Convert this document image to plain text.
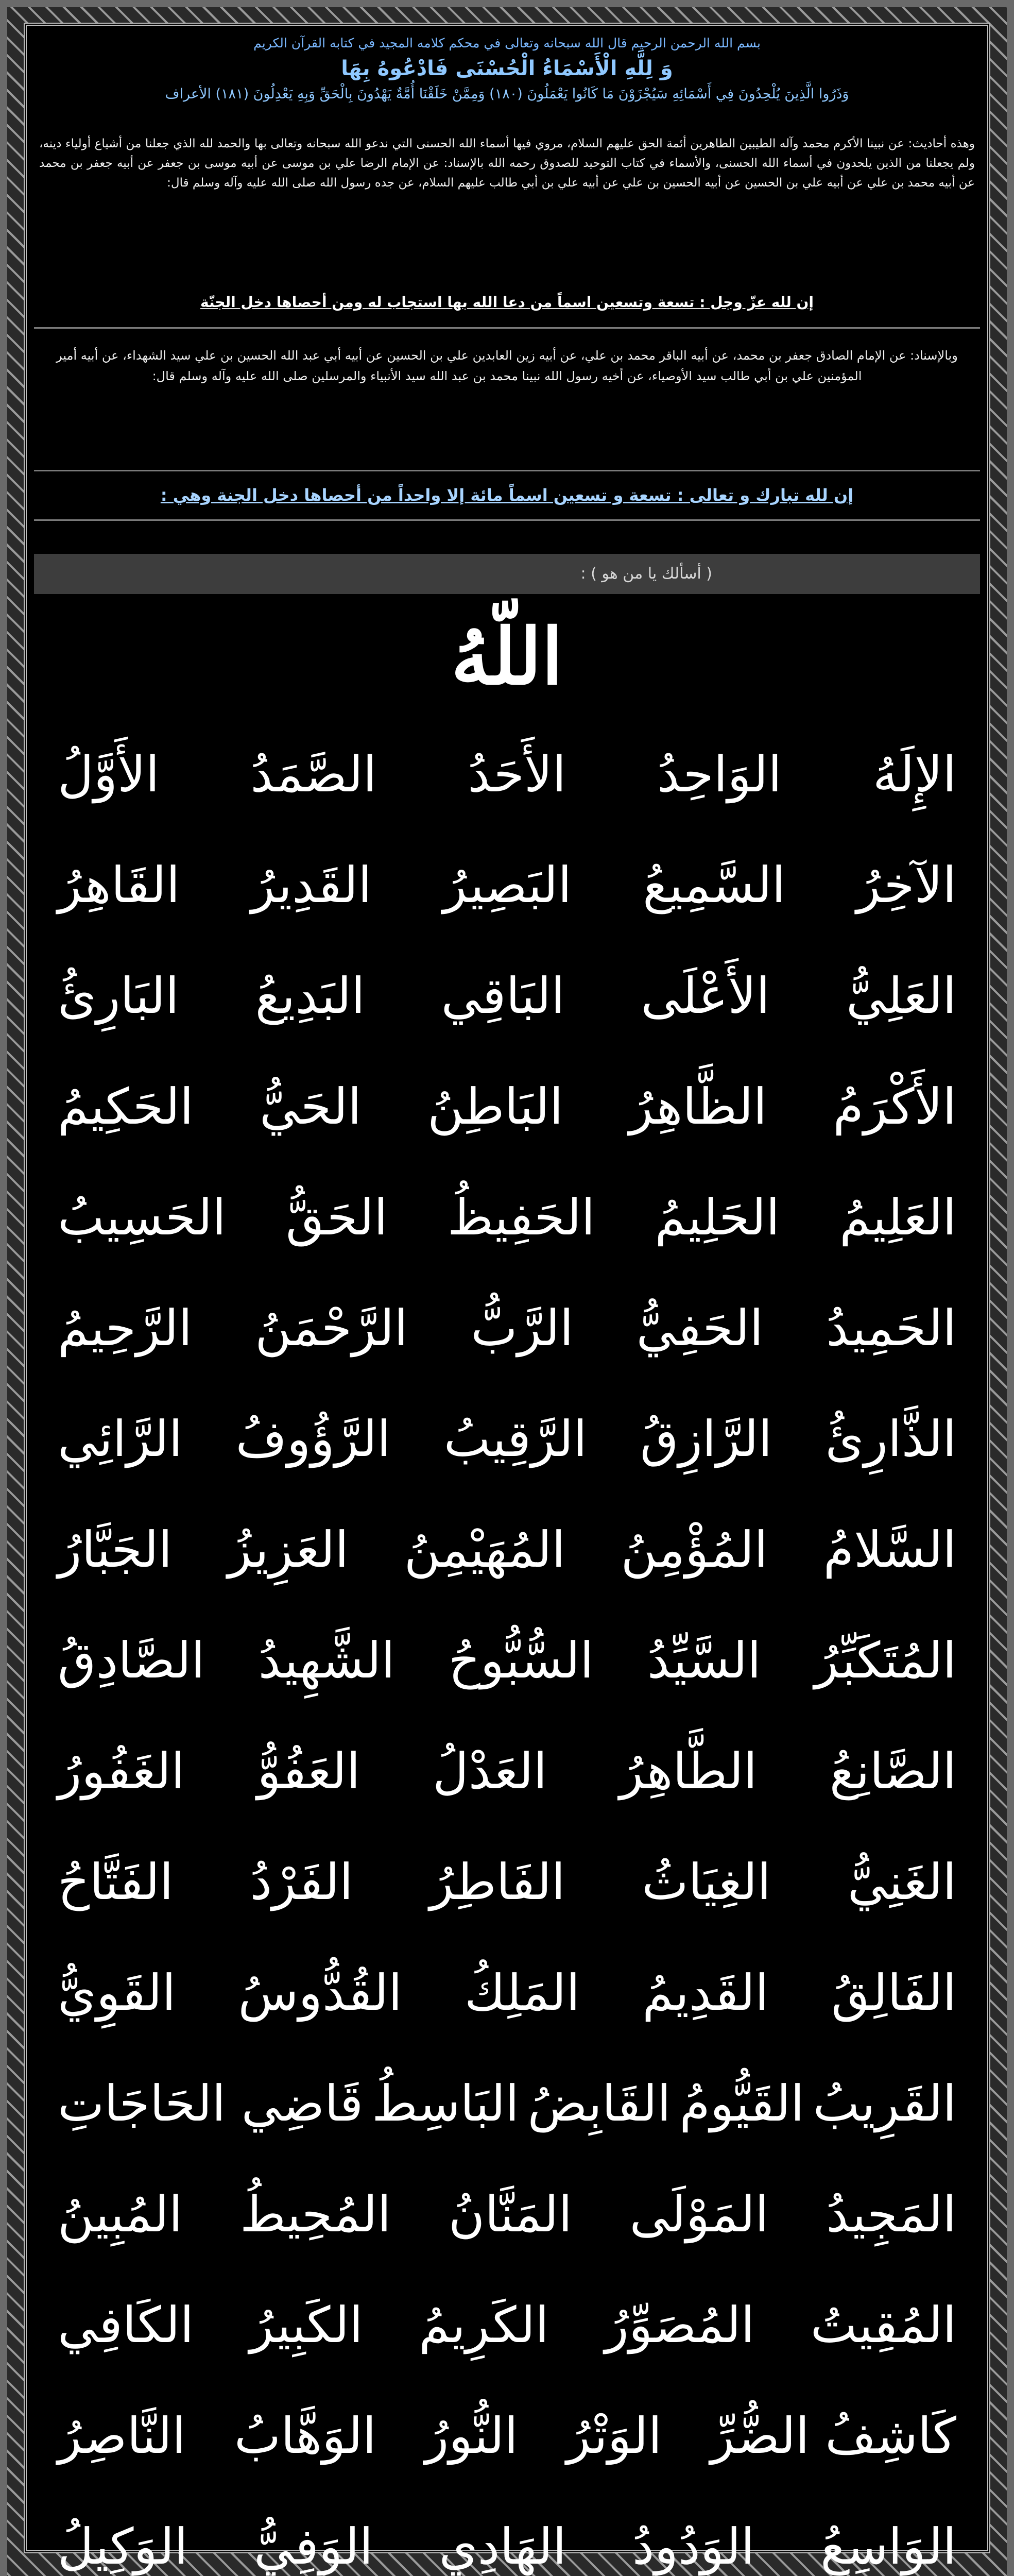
بسم الله الرحمن الرحيم قال الله سبحانه وتعالى في محكم كلامه المجيد في كتابه القرآن الكريم
وَ لِلَّهِ الْأَسْمَاءُ الْحُسْنَى فَادْعُوهُ بِهَا
وَذَرُوا الَّذِينَ يُلْحِدُونَ فِي أَسْمَائِهِ سَيُجْزَوْنَ مَا كَانُوا يَعْمَلُونَ (١٨٠) وَمِمَّنْ خَلَقْنَا أُمَّةٌ يَهْدُونَ بِالْحَقِّ وَبِهِ يَعْدِلُونَ (١٨١) الأعراف
وهذه أحاديث: عن نبينا الأكرم محمد وآله الطيبين الطاهرين أئمة الحق عليهم السلام، مروي فيها أسماء الله الحسنى التي ندعو الله سبحانه وتعالى بها والحمد لله الذي جعلنا من أشياع أولياء دينه، ولم يجعلنا من الذين يلحدون في أسماء الله الحسنى، والأسماء في كتاب التوحيد للصدوق رحمه الله بالإسناد: عن الإمام الرضا علي بن موسى عن أبيه موسى بن جعفر عن أبيه جعفر بن محمد عن أبيه محمد بن علي عن أبيه علي بن الحسين عن أبيه الحسين بن علي عن أبيه علي بن أبي طالب عليهم السلام، عن جده رسول الله صلى الله عليه وآله وسلم قال:
إن لله عزّ وجل : تسعة وتسعين اسماً من دعا الله بها استجاب له ومن أحصاها دخل الجنّة
وبالإسناد: عن الإمام الصادق جعفر بن محمد، عن أبيه الباقر محمد بن علي، عن أبيه زين العابدين علي بن الحسين عن أبيه أبي عبد الله الحسين بن علي سيد الشهداء، عن أبيه أمير المؤمنين علي بن أبي طالب سيد الأوصياء، عن أخيه رسول الله نبينا محمد بن عبد الله سيد الأنبياء والمرسلين صلى الله عليه وآله وسلم قال:
إن لله تبارك و تعالى : تسعة و تسعين اسماً مائة إلا واحداً من أحصاها دخل الجنة وهي :
( أسألك يا من هو ) :
اللّهُ
الإِلَهُ
الوَاحِدُ
الأَحَدُ
الصَّمَدُ
الأَوَّلُ
الآخِرُ
السَّمِيعُ
البَصِيرُ
القَدِيرُ
القَاهِرُ
العَلِيُّ
الأَعْلَى
البَاقِي
البَدِيعُ
البَارِئُ
الأَكْرَمُ
الظَّاهِرُ
البَاطِنُ
الحَيُّ
الحَكِيمُ
العَلِيمُ
الحَلِيمُ
الحَفِيظُ
الحَقُّ
الحَسِيبُ
الحَمِيدُ
الحَفِيُّ
الرَّبُّ
الرَّحْمَنُ
الرَّحِيمُ
الذَّارِئُ
الرَّازِقُ
الرَّقِيبُ
الرَّؤُوفُ
الرَّائِي
السَّلامُ
المُؤْمِنُ
المُهَيْمِنُ
العَزِيزُ
الجَبَّارُ
المُتَكَبِّرُ
السَّيِّدُ
السُّبُّوحُ
الشَّهِيدُ
الصَّادِقُ
الصَّانِعُ
الطَّاهِرُ
العَدْلُ
العَفُوُّ
الغَفُورُ
الغَنِيُّ
الغِيَاثُ
الفَاطِرُ
الفَرْدُ
الفَتَّاحُ
الفَالِقُ
القَدِيمُ
المَلِكُ
القُدُّوسُ
القَوِيُّ
القَرِيبُ
القَيُّومُ
القَابِضُ
البَاسِطُ
قَاضِي الحَاجَاتِ
المَجِيدُ
المَوْلَى
المَنَّانُ
المُحِيطُ
المُبِينُ
المُقِيتُ
المُصَوِّرُ
الكَرِيمُ
الكَبِيرُ
الكَافِي
كَاشِفُ الضُّرِّ
الوَتْرُ
النُّورُ
الوَهَّابُ
النَّاصِرُ
الوَاسِعُ
الوَدُودُ
الهَادِي
الوَفِيُّ
الوَكِيلُ
